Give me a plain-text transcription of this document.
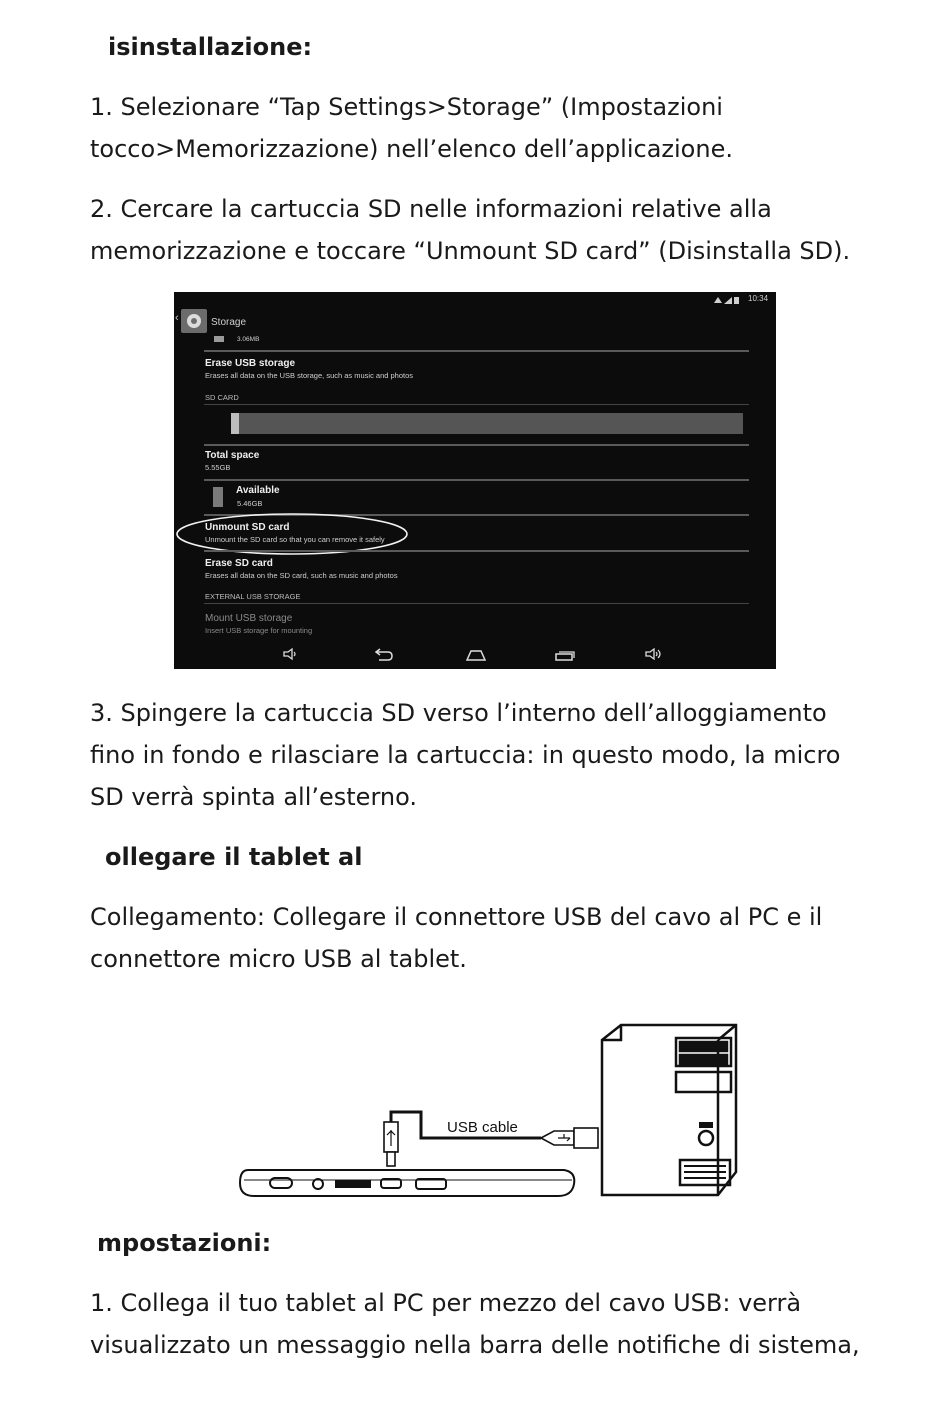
isinstallazione:

1. Selezionare “Tap Settings>Storage” (Impostazioni

tocco>Memorizzazione) nell’elenco dell’applicazione.

2. Cercare la cartuccia SD nelle informazioni relative alla

memorizzazione e toccare “Unmount SD card” (Disinstalla SD).

10:34
‹	Storage
3.06MB
Erase USB storage
Erases all data on the USB storage, such as music and photos
SD CARD
Total space
5.55GB
Available
5.46GB
Unmount SD card
Unmount the SD card so that you can remove it safely
Erase SD card
Erases all data on the SD card, such as music and photos
EXTERNAL USB STORAGE
Mount USB storage
Insert USB storage for mounting

3. Spingere la cartuccia SD verso l’interno dell’alloggiamento

fino in fondo e rilasciare la cartuccia: in questo modo, la micro

SD verrà spinta all’esterno.

ollegare il tablet al

Collegamento: Collegare il connettore USB del cavo al PC e il

connettore micro USB al tablet.

USB cable

mpostazioni:

1. Collega il tuo tablet al PC per mezzo del cavo USB: verrà

visualizzato un messaggio nella barra delle notifiche di sistema,
